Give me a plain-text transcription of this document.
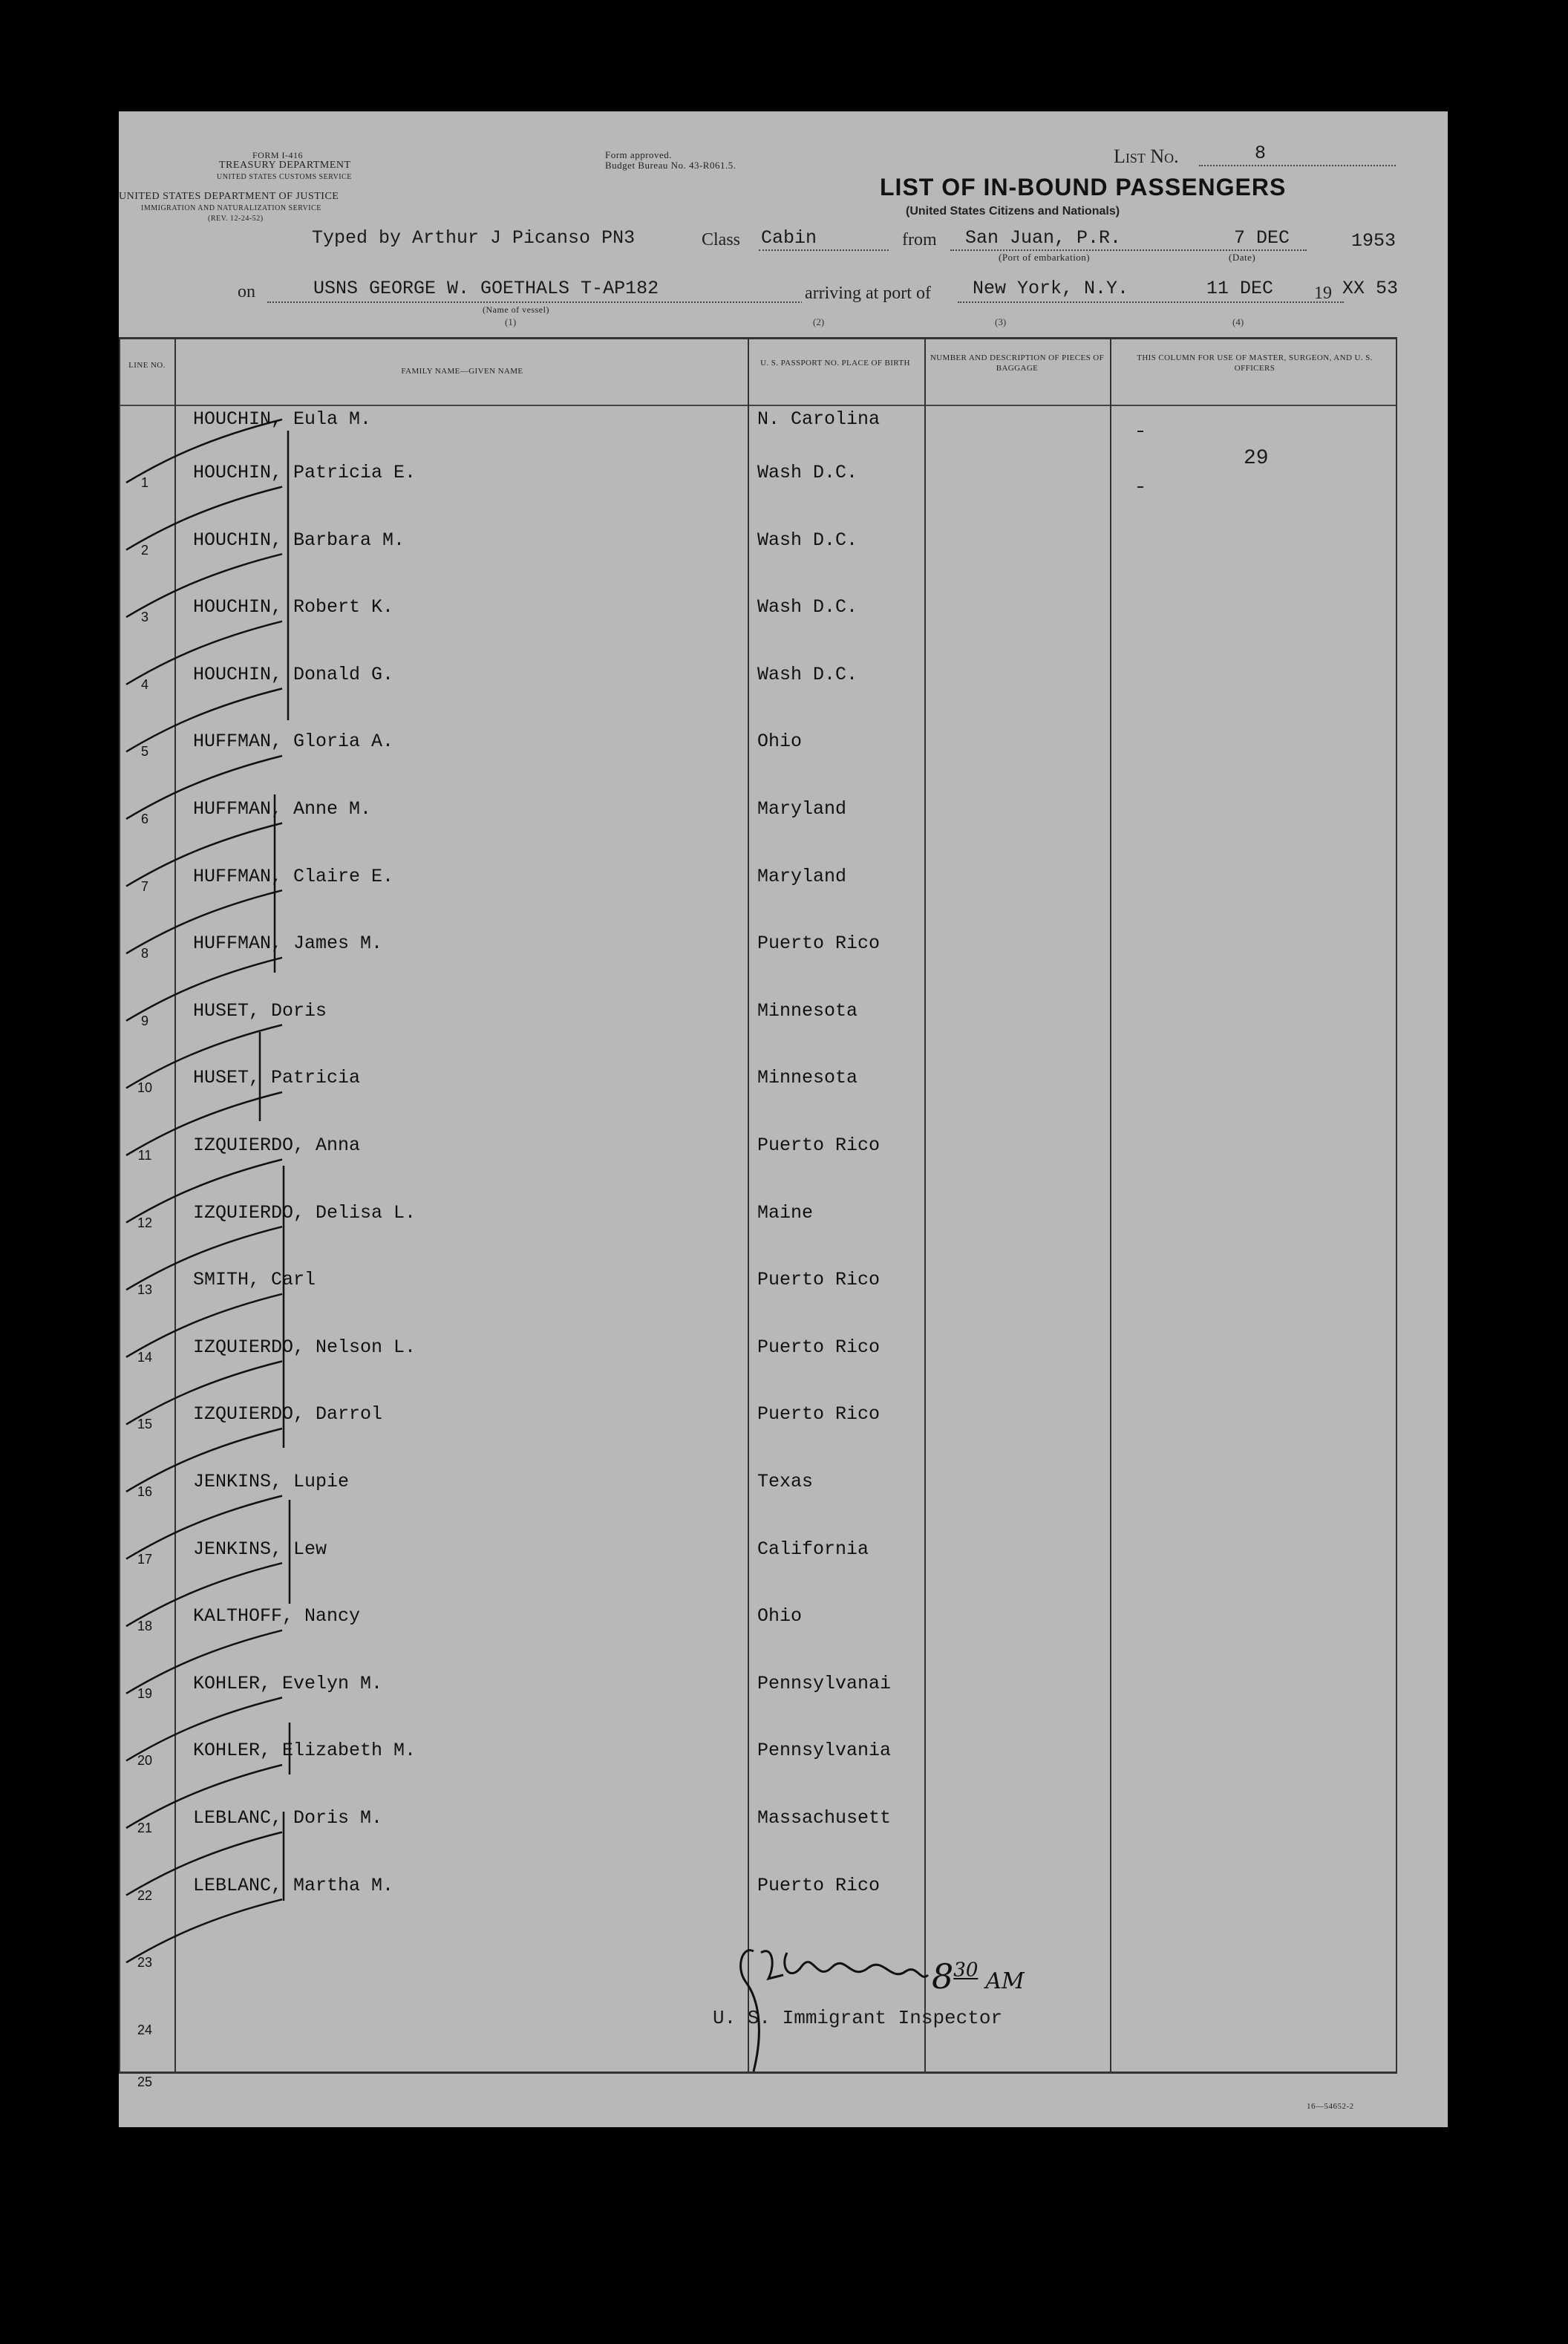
FORM I-416
TREASURY DEPARTMENT
UNITED STATES CUSTOMS SERVICE
UNITED STATES DEPARTMENT OF JUSTICE
IMMIGRATION AND NATURALIZATION SERVICE
(REV. 12-24-52)
Form approved.
Budget Bureau No. 43-R061.5.	List No.	8
LIST OF IN-BOUND PASSENGERS
(United States Citizens and Nationals)
Typed by Arthur J Picanso PN3	Class Cabin	from San Juan, P.R.	7 DEC	1953
(Port of embarkation)	(Date)
on	USNS GEORGE W. GOETHALS T-AP182	arriving at port of New York, N.Y.	11 DEC 19 XX 53
(Name of vessel)
(1)	(2)	(3)	(4)
LINE NO.
FAMILY NAME—GIVEN NAME
U. S. PASSPORT NO. PLACE OF BIRTH
NUMBER AND DESCRIPTION OF PIECES OF BAGGAGE
THIS COLUMN FOR USE OF MASTER, SURGEON, AND U. S. OFFICERS
HOUCHIN, Eula M.	N. Carolina
29
1	HOUCHIN, Patricia E.	Wash D.C.
2	HOUCHIN, Barbara M.	Wash D.C.
3	HOUCHIN, Robert K.	Wash D.C.
4	HOUCHIN, Donald G.	Wash D.C.
5	HUFFMAN, Gloria A.	Ohio
6	HUFFMAN, Anne M.	Maryland
7	HUFFMAN, Claire E.	Maryland
8	HUFFMAN, James M.	Puerto Rico
9	HUSET, Doris	Minnesota
10 HUSET, Patricia	Minnesota
11 IZQUIERDO, Anna	Puerto Rico
12 IZQUIERDO, Delisa L.	Maine
13 SMITH, Carl	Puerto Rico
14 IZQUIERDO, Nelson L.	Puerto Rico
15 IZQUIERDO, Darrol	Puerto Rico
16 JENKINS, Lupie	Texas
17 JENKINS, Lew	California
18 KALTHOFF, Nancy	Ohio
19 KOHLER, Evelyn M.	Pennsylvanai
20 KOHLER, Elizabeth M.	Pennsylvania
21 LEBLANC, Doris M.	Massachusett
22 LEBLANC, Martha M.	Puerto Rico
23
24
25
U. S. Immigrant Inspector
$8^{30}$ AM
16—54652-2
